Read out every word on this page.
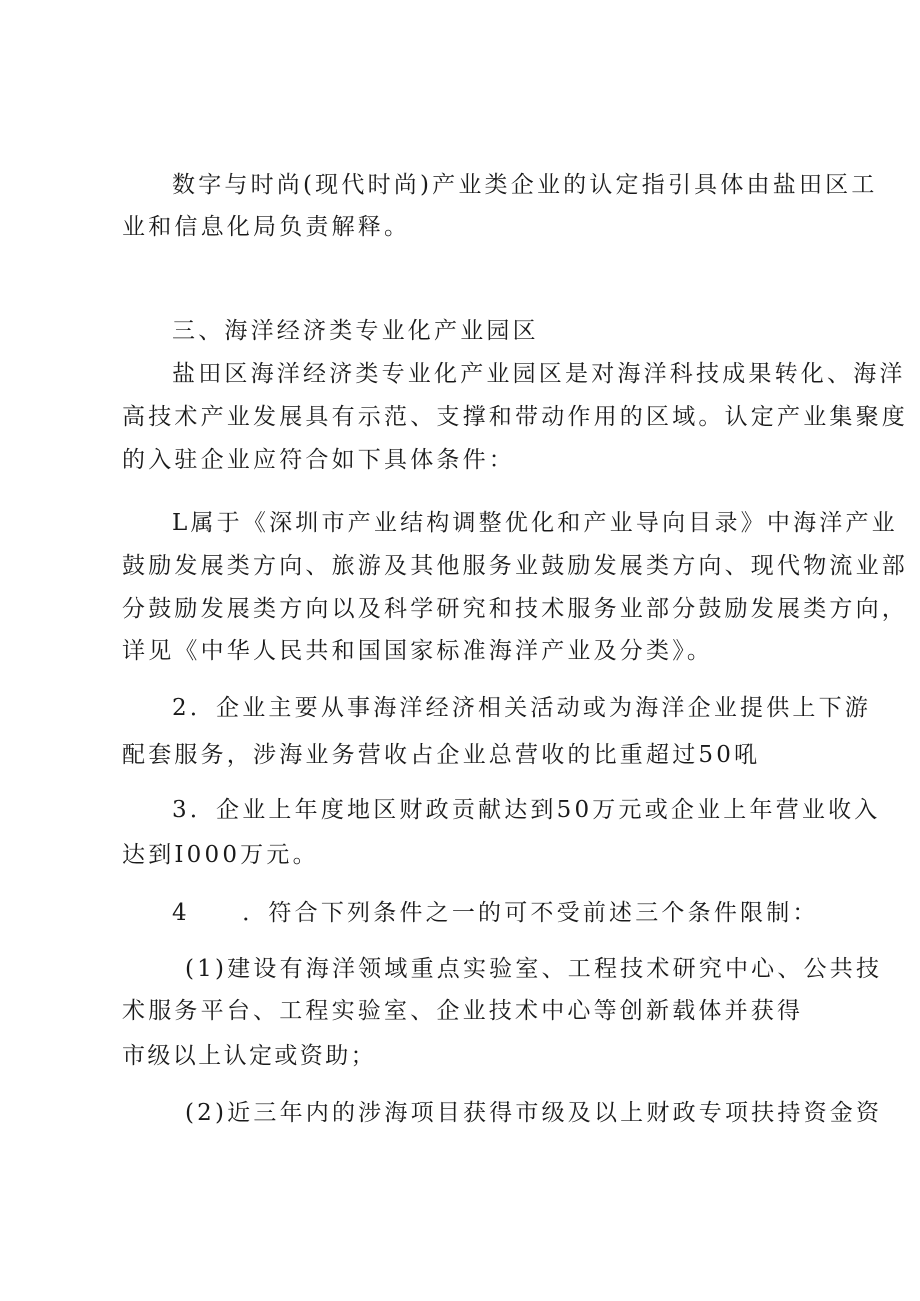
数字与时尚(现代时尚)产业类企业的认定指引具体由盐田区工

业和信息化局负责解释。

三、海洋经济类专业化产业园区

盐田区海洋经济类专业化产业园区是对海洋科技成果转化、海洋

高技术产业发展具有示范、支撑和带动作用的区域。认定产业集聚度

的入驻企业应符合如下具体条件：

L属于《深圳市产业结构调整优化和产业导向目录》中海洋产业

鼓励发展类方向、旅游及其他服务业鼓励发展类方向、现代物流业部

分鼓励发展类方向以及科学研究和技术服务业部分鼓励发展类方向，

详见《中华人民共和国国家标准海洋产业及分类》。

2．企业主要从事海洋经济相关活动或为海洋企业提供上下游

配套服务，涉海业务营收占企业总营收的比重超过50吼

3．企业上年度地区财政贡献达到50万元或企业上年营业收入

达到I000万元。

4　　．符合下列条件之一的可不受前述三个条件限制：

(1)建设有海洋领域重点实验室、工程技术研究中心、公共技

术服务平台、工程实验室、企业技术中心等创新载体并获得

市级以上认定或资助；

(2)近三年内的涉海项目获得市级及以上财政专项扶持资金资
